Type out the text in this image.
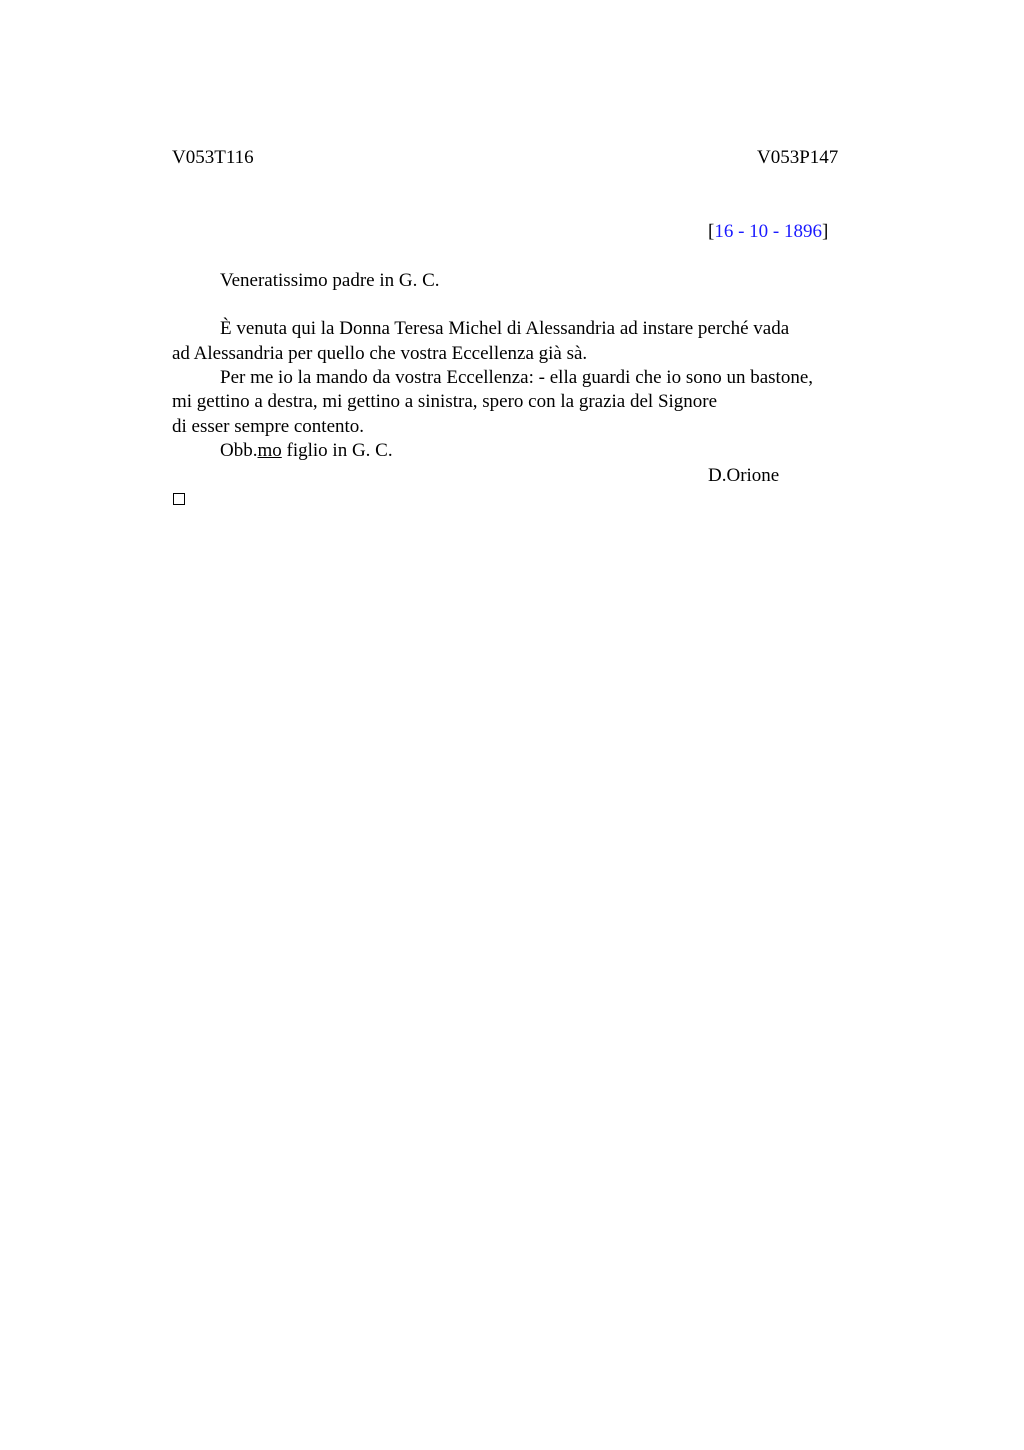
V053T116	V053P147
[16 - 10 - 1896]
Veneratissimo padre in G. C.
È venuta qui la Donna Teresa Michel di Alessandria ad instare perché vada
ad Alessandria per quello che vostra Eccellenza già sà.
Per me io la mando da vostra Eccellenza: - ella guardi che io sono un bastone,
mi gettino a destra, mi gettino a sinistra, spero con la grazia del Signore
di esser sempre contento.
Obb.mo figlio in G. C.
D.Orione
